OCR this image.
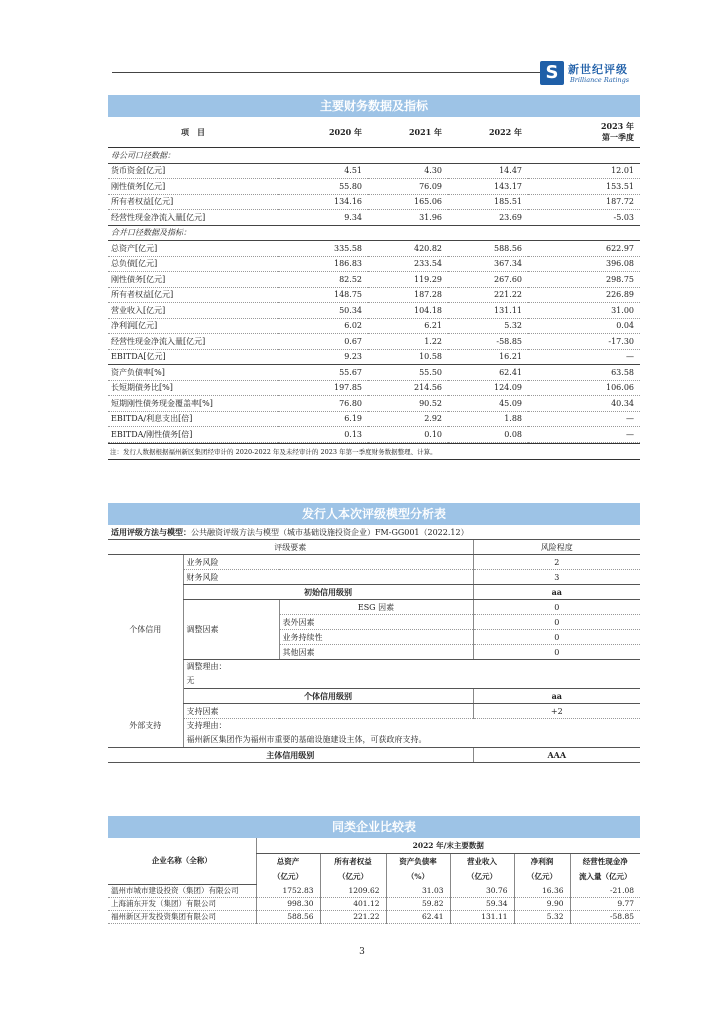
S 新世纪评级
Brilliance Ratings
主要财务数据及指标
项　目	2020 年	2021 年	2022 年	2023 年
第一季度
母公司口径数据：				
货币资金[亿元]	4.51	4.30	14.47	12.01
刚性债务[亿元]	55.80	76.09	143.17	153.51
所有者权益[亿元]	134.16	165.06	185.51	187.72
经营性现金净流入量[亿元]	9.34	31.96	23.69	-5.03
合并口径数据及指标：				
总资产[亿元]	335.58	420.82	588.56	622.97
总负债[亿元]	186.83	233.54	367.34	396.08
刚性债务[亿元]	82.52	119.29	267.60	298.75
所有者权益[亿元]	148.75	187.28	221.22	226.89
营业收入[亿元]	50.34	104.18	131.11	31.00
净利润[亿元]	6.02	6.21	5.32	0.04
经营性现金净流入量[亿元]	0.67	1.22	-58.85	-17.30
EBITDA[亿元]	9.23	10.58	16.21	—
资产负债率[%]	55.67	55.50	62.41	63.58
长短期债务比[%]	197.85	214.56	124.09	106.06
短期刚性债务现金覆盖率[%]	76.80	90.52	45.09	40.34
EBITDA/利息支出[倍]	6.19	2.92	1.88	—
EBITDA/刚性债务[倍]	0.13	0.10	0.08	—
注：发行人数据根据福州新区集团经审计的 2020-2022 年及未经审计的 2023 年第一季度财务数据整理、计算。
发行人本次评级模型分析表
适用评级方法与模型：公共融资评级方法与模型（城市基础设施投资企业）FM-GG001（2022.12）			
评级要素			风险程度
个体信用	业务风险		2
	财务风险		3
	初始信用级别		aa
	调整因素	ESG 因素	0
		表外因素	0
		业务持续性	0
		其他因素	0
	调整理由：
无		
	个体信用级别		aa
外部支持	支持因素		+2
	支持理由：
福州新区集团作为福州市重要的基础设施建设主体，可获政府支持。		
主体信用级别			AAA
同类企业比较表
企业名称（全称）	2022 年/末主要数据					
	总资产	所有者权益	资产负债率	营业收入	净利润	经营性现金净
	（亿元）	（亿元）	（%）	（亿元）	（亿元）	流入量（亿元）
温州市城市建设投资（集团）有限公司	1752.83	1209.62	31.03	30.76	16.36	-21.08
上海浦东开发（集团）有限公司	998.30	401.12	59.82	59.34	9.90	9.77
福州新区开发投资集团有限公司	588.56	221.22	62.41	131.11	5.32	-58.85
3
